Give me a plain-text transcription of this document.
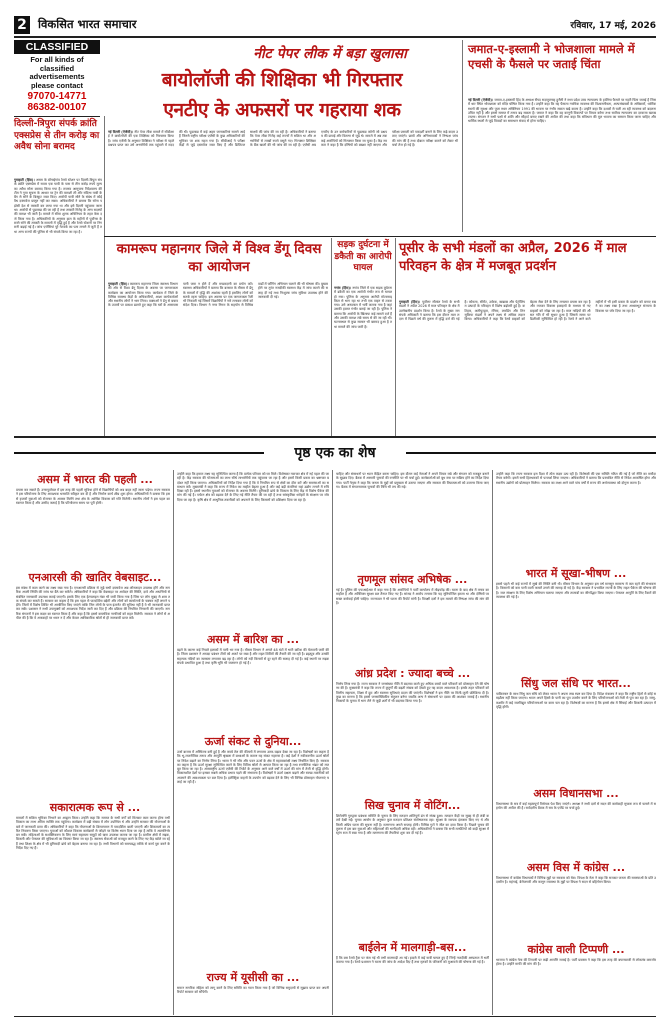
2 विकसित भारत समाचार	रविवार, 17 मई, 2026
CLASSIFIED
For all kinds of
classified
advertisements
please contact
97070-14771
86382-00107
नीट पेपर लीक में बड़ा खुलासा
बायोलॉजी की शिक्षिका भी गिरफ्तार
एनटीए के अफसरों पर गहराया शक
जमात-ए-इस्लामी ने भोजशाला मामले में एचसी के फैसले पर जताई चिंता
नई दिल्ली (ऐजेंसी)। जमात-ए-इस्लामी हिंद के अध्यक्ष सैयद सदातुल्लाह हुसैनी ने मध्य प्रदेश उच्च न्यायालय के हालिया फैसले पर गहरी चिंता जताई है जिसमें धार स्थित भोजशाला को मंदिर घोषित किया गया है। उन्होंने कहा कि यह फैसला न्यायिक व्यवस्था की विश्वसनीयता, अल्पसंख्यकों के अधिकारों, धार्मिक स्थलों की सुरक्षा और पूजा स्थल अधिनियम 1991 की भावना पर गंभीर सवाल खड़े करता है। उन्होंने कहा कि दशकों से चली आ रही व्यवस्था को बदलना उचित नहीं है और इससे समाज में तनाव बढ़ सकता है। जमात ने कहा कि वह कानूनी विकल्पों पर विचार करेगा तथा सर्वोच्च न्यायालय का दरवाजा खटखटाएगा। संगठन ने सभी पक्षों से शांति और सौहार्द बनाए रखने की अपील की तथा कहा कि संविधान की मूल भावना का सम्मान किया जाना चाहिए और धार्मिक स्थलों से जुड़े विवादों का समाधान संवाद से होना चाहिए।
दिल्ली-त्रिपुरा संपर्क क्रांति एक्सप्रेस से तीन करोड़ का अवैध सोना बरामद
गुवाहाटी (हिंस)। असम के बोंगाईगांव रेलवे स्टेशन पर दिल्ली-त्रिपुरा संपर्क क्रांति एक्सप्रेस में सवार एक यात्री के पास से तीन करोड़ रुपये मूल्य का अवैध सोना बरामद किया गया है। राजस्व आसूचना निदेशालय की टीम ने गुप्त सूचना के आधार पर ट्रेन की तलाशी ली और संदिग्ध यात्री के बैग से सोने के बिस्कुट जब्त किए। आरोपी यात्री सोने के संबंध में कोई वैध दस्तावेज प्रस्तुत नहीं कर सका। अधिकारियों ने बताया कि सोना पड़ोसी देश से तस्करी कर लाया गया था और इसे दिल्ली पहुंचाया जाना था। आरोपी से पूछताछ की जा रही है तथा तस्करी गिरोह के अन्य सदस्यों की तलाश भी जारी है। मामले में सीमा शुल्क अधिनियम के तहत केस दर्ज किया गया है। अधिकारियों के अनुसार हाल के महीनों में पूर्वोत्तर के रास्ते सोने की तस्करी के मामलों में वृद्धि हुई है और रेलवे स्टेशनों पर निगरानी बढ़ाई गई है। जांच एजेंसियां पूरे नेटवर्क का पता लगाने में जुटी हैं तथा अन्य राज्यों की पुलिस से भी संपर्क किया जा रहा है।
नई दिल्ली (ऐजेंसी)। नीट पेपर लीक मामले में सीबीआई ने बायोलॉजी की एक शिक्षिका को गिरफ्तार किया है। जांच एजेंसी के अनुसार शिक्षिका ने परीक्षा से पहले प्रश्नपत्र प्राप्त कर उसे अभ्यर्थियों तक पहुंचाने में मदद की थी। पूछताछ में कई अहम जानकारियां सामने आई हैं जिनसे राष्ट्रीय परीक्षा एजेंसी के कुछ अधिकारियों की भूमिका पर शक गहरा गया है। सीबीआई ने परीक्षा केंद्रों से जुड़े दस्तावेज जब्त किए हैं और डिजिटल साक्ष्यों की जांच की जा रही है। अधिकारियों ने बताया कि पेपर लीक गिरोह कई राज्यों में सक्रिय था और अभ्यर्थियों से लाखों रुपये वसूले गए। गिरफ्तार शिक्षिका के बैंक खातों की भी जांच की जा रही है। एजेंसी अब एनटीए के उन कर्मचारियों से पूछताछ करेगी जो प्रश्नपत्र की छपाई और वितरण से जुड़े थे। मामले में अब तक कई आरोपियों को गिरफ्तार किया जा चुका है। केंद्र सरकार ने कहा है कि दोषियों को बख्शा नहीं जाएगा और परीक्षा प्रणाली को पारदर्शी बनाने के लिए कड़े कदम उठाए जाएंगे। छात्रों और अभिभावकों ने निष्पक्ष जांच की मांग की है तथा दोबारा परीक्षा कराने को लेकर भी चर्चा तेज हो गई है।
कामरूप महानगर जिले में विश्व डेंगू दिवस का आयोजन
गुवाहाटी (हिंस)। कामरूप महानगर जिला स्वास्थ्य विभाग की ओर से विश्व डेंगू दिवस के अवसर पर जागरूकता कार्यक्रम का आयोजन किया गया। कार्यक्रम में जिले के विभिन्न स्वास्थ्य केंद्रों के अधिकारियों, आशा कार्यकर्ताओं और स्थानीय लोगों ने भाग लिया। वक्ताओं ने डेंगू से बचाव के उपायों पर प्रकाश डालते हुए कहा कि घरों के आसपास पानी जमा न होने दें और मच्छरदानी का प्रयोग करें। स्वास्थ्य अधिकारियों ने बताया कि बरसात के मौसम में डेंगू के मामलों में वृद्धि की आशंका रहती है इसलिए लोगों को सतर्क रहना चाहिए। इस अवसर पर एक जागरूकता रैली भी निकाली गई जिसमें विद्यार्थियों ने नारे लगाकर लोगों को संदेश दिया। विभाग ने नगर निगम के सहयोग से विभिन्न वार्डों में फॉगिंग अभियान चलाने की भी घोषणा की। बुखार होने पर तुरंत नजदीकी स्वास्थ्य केंद्र में जांच कराने की सलाह दी गई तथा निःशुल्क जांच सुविधा उपलब्ध होने की जानकारी दी गई।
सड़क दुर्घटना में डकैती का आरोपी घायल
नगांव (हिंस)। नगांव जिले में एक सड़क दुर्घटना में डकैती का एक आरोपी गंभीर रूप से घायल हो गया। पुलिस के अनुसार आरोपी मोटरसाइकिल से भाग रहा था तभी एक वाहन से टकरा गया। उसे अस्पताल में भर्ती कराया गया है जहां उसकी हालत गंभीर बताई जा रही है। पुलिस ने बताया कि आरोपी के खिलाफ कई मामले दर्ज हैं और उसकी तलाश लंबे समय से की जा रही थी। घटनास्थल से कुछ सामान भी बरामद हुआ है तथा मामले की जांच जारी है।
पूसीर के सभी मंडलों का अप्रैल, 2026 में माल परिवहन के क्षेत्र में मजबूत प्रदर्शन
गुवाहाटी (हिंस)। पूर्वोत्तर सीमांत रेलवे के सभी मंडलों ने अप्रैल 2026 में माल परिवहन के क्षेत्र में उल्लेखनीय प्रदर्शन किया है। रेलवे के मुख्य जनसंपर्क अधिकारी ने बताया कि इस दौरान माल लदान में पिछले वर्ष की तुलना में वृद्धि दर्ज की गई है। कोयला, सीमेंट, उर्वरक, खाद्यान्न और पेट्रोलियम उत्पादों के परिवहन में विशेष बढ़ोतरी हुई है। कटिहार, अलीपुरद्वार, रंगिया, लमडिंग और तिनसुकिया मंडलों ने अपने लक्ष्य से अधिक लदान किया। अधिकारियों ने कहा कि रेलवे ग्राहकों को बेहतर सेवा देने के लिए लगातार प्रयास कर रहा है और व्यापार विकास इकाइयों के माध्यम से नए ग्राहकों को जोड़ा जा रहा है। माल गाड़ियों की औसत गति में भी सुधार हुआ है जिससे समय पर डिलीवरी सुनिश्चित हो रही है। रेलवे ने आने वाले महीनों में भी इसी प्रकार के प्रदर्शन को बनाए रखने का लक्ष्य रखा है तथा आधारभूत संरचना के विकास पर जोर दिया जा रहा है।
पृष्ठ एक का शेष
असम में भारत की पहली ...
प्रयास कर सकते हैं। उत्तरपूर्वांचल में इस तरह की पहली सुविधा होने से विद्यार्थियों को अब बाहर नहीं जाना पड़ेगा। राज्य सरकार ने इस परियोजना के लिए आवश्यक धनराशि स्वीकृत कर दी है और निर्माण कार्य शीघ्र शुरू होगा। अधिकारियों ने बताया कि इससे हजारों युवाओं को रोजगार के अवसर मिलेंगे तथा क्षेत्र के आर्थिक विकास को गति मिलेगी। स्थानीय लोगों ने इस पहल का स्वागत किया है और उम्मीद जताई है कि परियोजना समय पर पूरी होगी।
एनआरसी की खातिर वेबसाइट...
इस संबंध में काम करने का लक्ष्य रखा गया है। एनआरसी प्रक्रिया से जुड़े सभी दस्तावेज अब ऑनलाइन उपलब्ध होंगे और नागरिक अपनी स्थिति की जांच घर बैठे कर सकेंगे। अधिकारियों ने कहा कि वेबसाइट पर आवेदन की स्थिति, दावे और आपत्तियों से संबंधित जानकारी उपलब्ध कराई जाएगी। इसके लिए एक हेल्पलाइन नंबर भी जारी किया गया है जिस पर लोग सुबह से शाम तक संपर्क कर सकते हैं। सरकार का कहना है कि इस पहल से पारदर्शिता बढ़ेगी और लोगों को कार्यालयों के चक्कर नहीं लगाने पड़ेंगे। जिलों में विशेष शिविर भी आयोजित किए जाएंगे ताकि जिन लोगों के पास इंटरनेट की सुविधा नहीं है वे भी जानकारी प्राप्त कर सकें। प्रशासन ने सभी उपायुक्तों को आवश्यक निर्देश जारी कर दिए हैं और प्रक्रिया की नियमित निगरानी की जाएगी। नागरिक संगठनों ने इस कदम का स्वागत किया है और कहा है कि इससे वास्तविक नागरिकों को राहत मिलेगी। सरकार ने लोगों से अपील की है कि वे अफवाहों पर ध्यान न दें और केवल आधिकारिक स्रोतों से ही जानकारी प्राप्त करें।
सकारात्मक रूप से ...
मामलों में सक्रिय भूमिका निभाने का आह्वान किया। उन्होंने कहा कि समाज के सभी वर्गों को मिलकर काम करना होगा तभी विकास का लाभ अंतिम व्यक्ति तक पहुंचेगा। कार्यक्रम में बड़ी संख्या में लोग उपस्थित थे और उन्होंने सरकार की योजनाओं के बारे में जानकारी प्राप्त की। अधिकारियों ने कहा कि योजनाओं के क्रियान्वयन में पारदर्शिता बरती जाएगी और शिकायतों का त्वरित निवारण किया जाएगा। युवाओं को कौशल विकास कार्यक्रमों से जोड़ने पर विशेष ध्यान दिया जा रहा है ताकि वे आत्मनिर्भर बन सकें। महिलाओं के सशक्तिकरण के लिए स्वयं सहायता समूहों को ऋण उपलब्ध कराया जा रहा है। ग्रामीण क्षेत्रों में सड़क, बिजली और पेयजल की सुविधाओं का विस्तार किया जा रहा है। स्वास्थ्य सेवाओं को मजबूत करने के लिए नए केंद्र खोले जा रहे हैं तथा शिक्षा के क्षेत्र में भी बुनियादी ढांचे को बेहतर बनाया जा रहा है। सभी विभागों को समयबद्ध तरीके से कार्य पूरा करने के निर्देश दिए गए हैं।
उन्होंने कहा कि हमारा लक्ष्य यह सुनिश्चित करना है कि प्रत्येक परिवार को घर मिले। विशेषकर नवाचार क्षेत्र में नई पहल की जा रही है। केंद्र सरकार की योजनाओं का लाभ सीधे लाभार्थियों तक पहुंचाया जा रहा है और इसमें किसी प्रकार का भ्रष्टाचार बर्दाश्त नहीं किया जाएगा। अधिकारियों को निर्देश दिया गया है कि वे नियमित रूप से क्षेत्रों का दौरा करें और समस्याओं का समाधान करें। मुख्यमंत्री ने कहा कि राज्य में निवेश का माहौल बेहतर हुआ है और कई बड़ी कंपनियां यहां उद्योग लगाने में रुचि दिखा रही हैं। इससे स्थानीय युवाओं को रोजगार के अवसर मिलेंगे। बुनियादी ढांचे के विकास के लिए केंद्र से विशेष पैकेज की मांग की गई है। पर्यटन क्षेत्र को बढ़ावा देने के लिए नई नीति तैयार की जा रही है तथा सांस्कृतिक धरोहरों के संरक्षण पर जोर दिया जा रहा है। कृषि क्षेत्र में आधुनिक तकनीकों को अपनाने के लिए किसानों को प्रशिक्षण दिया जा रहा है।
असम में बारिश का ...
बढ़ने के कारण कई निचले इलाकों में पानी भर गया है। मौसम विभाग ने अगले 48 घंटों में भारी बारिश की चेतावनी जारी की है। जिला प्रशासन ने आपदा प्रबंधन टीमों को अलर्ट पर रखा है और राहत शिविरों की तैयारी की जा रही है। ब्रह्मपुत्र और उसकी सहायक नदियों का जलस्तर लगातार बढ़ रहा है। लोगों को नदी किनारों से दूर रहने की सलाह दी गई है। कई स्थानों पर सड़क संपर्क प्रभावित हुआ है तथा कृषि भूमि भी जलमग्न हो गई है।
ऊर्जा संकट से दुनिया...
उर्जा बाजार में अस्थिरता बनी हुई है और कच्चे तेल की कीमतों में लगातार उतार-चढ़ाव देखा जा रहा है। विशेषज्ञों का कहना है कि भू-राजनीतिक तनाव और आपूर्ति श्रृंखला में बाधाओं के कारण यह संकट गहराया है। कई देशों ने नवीकरणीय ऊर्जा स्रोतों पर निवेश बढ़ाने का निर्णय लिया है। भारत ने भी सौर और पवन ऊर्जा के क्षेत्र में महत्वाकांक्षी लक्ष्य निर्धारित किए हैं। सरकार का कहना है कि ऊर्जा सुरक्षा सुनिश्चित करने के लिए विविध स्रोतों से आयात किया जा रहा है तथा रणनीतिक भंडार को मजबूत किया जा रहा है। अंतरराष्ट्रीय ऊर्जा एजेंसी की रिपोर्ट के अनुसार आने वाले वर्षों में ऊर्जा की मांग में तेजी से वृद्धि होगी। विकासशील देशों पर इसका सबसे अधिक प्रभाव पड़ने की संभावना है। विशेषज्ञों ने ऊर्जा दक्षता बढ़ाने और स्वच्छ तकनीकों को अपनाने की आवश्यकता पर बल दिया है। इलेक्ट्रिक वाहनों के उपयोग को बढ़ावा देने के लिए भी विभिन्न प्रोत्साहन योजनाएं चलाई जा रही हैं।
राज्य में यूसीसी का ...
समान नागरिक संहिता को लागू करने के लिए समिति का गठन किया गया है जो विभिन्न समुदायों से सुझाव प्राप्त कर अपनी रिपोर्ट सरकार को सौंपेगी।
चाहिए और संसाधनों पर ध्यान केंद्रित करना चाहिए। इस दौरान कई नेताओं ने अपने विचार रखे और संगठन को मजबूत बनाने के सुझाव दिए। बैठक में आगामी चुनावों की रणनीति पर भी चर्चा हुई। कार्यकर्ताओं को बूथ स्तर पर सक्रिय होने का निर्देश दिया गया। पार्टी नेतृत्व ने कहा कि जनता के मुद्दों को प्रमुखता से उठाया जाएगा और सरकार की विफलताओं को उजागर किया जाएगा। बैठक में संगठनात्मक चुनावों की तिथि भी तय की गई।
तृणमूल सांसद अभिषेक ...
गई है। पुलिस की एफआईआर में कहा गया है कि आरोपियों ने पार्टी कार्यालय में तोड़फोड़ की। घटना के बाद क्षेत्र में तनाव का माहौल है और अतिरिक्त सुरक्षा बल तैनात किए गए हैं। सांसद ने आरोप लगाया कि यह सुनियोजित हमला था और दोषियों पर सख्त कार्रवाई होनी चाहिए। राज्यपाल ने भी घटना की रिपोर्ट मांगी है। विपक्षी दलों ने इस मामले की निष्पक्ष जांच की मांग की है।
आंध्र प्रदेश : ज्यादा बच्चे ...
निर्णय लिया गया है। राज्य सरकार ने जनसंख्या नीति में बदलाव करते हुए अधिक बच्चों वाले परिवारों को प्रोत्साहन देने की घोषणा की है। मुख्यमंत्री ने कहा कि राज्य में बुजुर्गों की बढ़ती संख्या को देखते हुए यह कदम आवश्यक है। इसके तहत परिवारों को वित्तीय सहायता, शिक्षा में छूट और स्वास्थ्य सुविधाएं प्रदान की जाएंगी। विशेषज्ञों ने इस नीति पर मिली-जुली प्रतिक्रिया दी है। कुछ का मानना है कि इससे जनसांख्यिकीय संतुलन बनेगा जबकि अन्य ने संसाधनों पर दबाव की आशंका जताई है। स्थानीय निकायों के चुनाव में भाग लेने से जुड़ी शर्तों में भी बदलाव किया गया है।
सिख चुनाव में वोटिंग...
शिरोमणि गुरुद्वारा प्रबंधक समिति के चुनाव के लिए मतदान शांतिपूर्ण ढंग से संपन्न हुआ। मतदान केंद्रों पर सुबह से ही लंबी कतारें देखी गईं। चुनाव आयोग के अनुसार कुल मतदान प्रतिशत संतोषजनक रहा। सुरक्षा के व्यापक इंतजाम किए गए थे और किसी अप्रिय घटना की सूचना नहीं है। मतगणना अगले सप्ताह होगी। विभिन्न गुटों ने जीत का दावा किया है। पिछले चुनाव की तुलना में इस बार युवाओं और महिलाओं की भागीदारी अधिक रही। अधिकारियों ने बताया कि सभी मतपेटियों को कड़ी सुरक्षा में स्ट्रांग रूम में रखा गया है और मतगणना की तैयारियां शुरू कर दी गई हैं।
बाईलेन में मालगाड़ी-बस...
हैं कि बस रेलवे ट्रैक पर फंस गई थी तभी मालगाड़ी आ गई। हादसे में कई यात्री घायल हुए हैं जिन्हें नजदीकी अस्पताल में भर्ती कराया गया है। रेलवे प्रशासन ने घटना की जांच के आदेश दिए हैं तथा मृतकों के परिजनों को मुआवजे की घोषणा की गई है।
उन्होंने कहा कि राज्य सरकार इस दिशा में ठोस कदम उठा रही है। विशेषज्ञों की एक समिति गठित की गई है जो नीति का मसौदा तैयार करेगी। इसमें सभी हितधारकों से परामर्श लिया जाएगा। अधिकारियों ने बताया कि प्रस्तावित नीति से निवेश आकर्षित होगा और स्थानीय उद्योगों को प्रोत्साहन मिलेगा। सरकार का लक्ष्य आने वाले पांच वर्षों में राज्य की अर्थव्यवस्था को दोगुना करना है।
भारत में सूखा-भीषण ...
इससे पहले भी कई राज्यों में सूखे की स्थिति बनी थी। मौसम विभाग के अनुसार इस वर्ष मानसून सामान्य से कम रहने की संभावना है। किसानों को कम पानी वाली फसलें उगाने की सलाह दी गई है। केंद्र सरकार ने प्रभावित राज्यों के लिए राहत पैकेज की घोषणा की है। जल संरक्षण के लिए विशेष अभियान चलाया जाएगा और तालाबों का जीर्णोद्धार किया जाएगा। पेयजल आपूर्ति के लिए टैंकरों की व्यवस्था की गई है।
सिंधु जल संधि पर भारत...
पाकिस्तान के साथ सिंधु जल संधि को लेकर भारत ने अपना रुख स्पष्ट कर दिया है। विदेश मंत्रालय ने कहा कि राष्ट्रीय हितों से कोई समझौता नहीं किया जाएगा। भारत अपने हिस्से के पानी का पूरा उपयोग करने के लिए परियोजनाओं को तेजी से पूरा कर रहा है। जम्मू-कश्मीर में कई जलविद्युत परियोजनाओं पर काम चल रहा है। विशेषज्ञों का मानना है कि इससे क्षेत्र में सिंचाई और बिजली उत्पादन में वृद्धि होगी।
असम विधानसभा ...
विधानसभा के सत्र में कई महत्वपूर्ण विधेयक पेश किए जाएंगे। अध्यक्ष ने सभी दलों से सदन की कार्यवाही सुचारू रूप से चलाने में सहयोग की अपील की है। सर्वदलीय बैठक में सत्र के एजेंडे पर चर्चा हुई।
असम विस में कांग्रेस ...
विधानसभा में कांग्रेस विधायकों ने विभिन्न मुद्दों पर सरकार को घेरा। विपक्ष के नेता ने कहा कि सरकार जनता की समस्याओं के प्रति उदासीन है। महंगाई, बेरोजगारी और कानून व्यवस्था के मुद्दों पर विपक्ष ने सदन से बहिर्गमन किया।
कांग्रेस वाली टिप्पणी ...
भाजपा ने कांग्रेस नेता की टिप्पणी पर कड़ी आपत्ति जताई है। पार्टी प्रवक्ता ने कहा कि इस तरह की बयानबाजी से लोकतंत्र कमजोर होता है। उन्होंने माफी की मांग की है।
